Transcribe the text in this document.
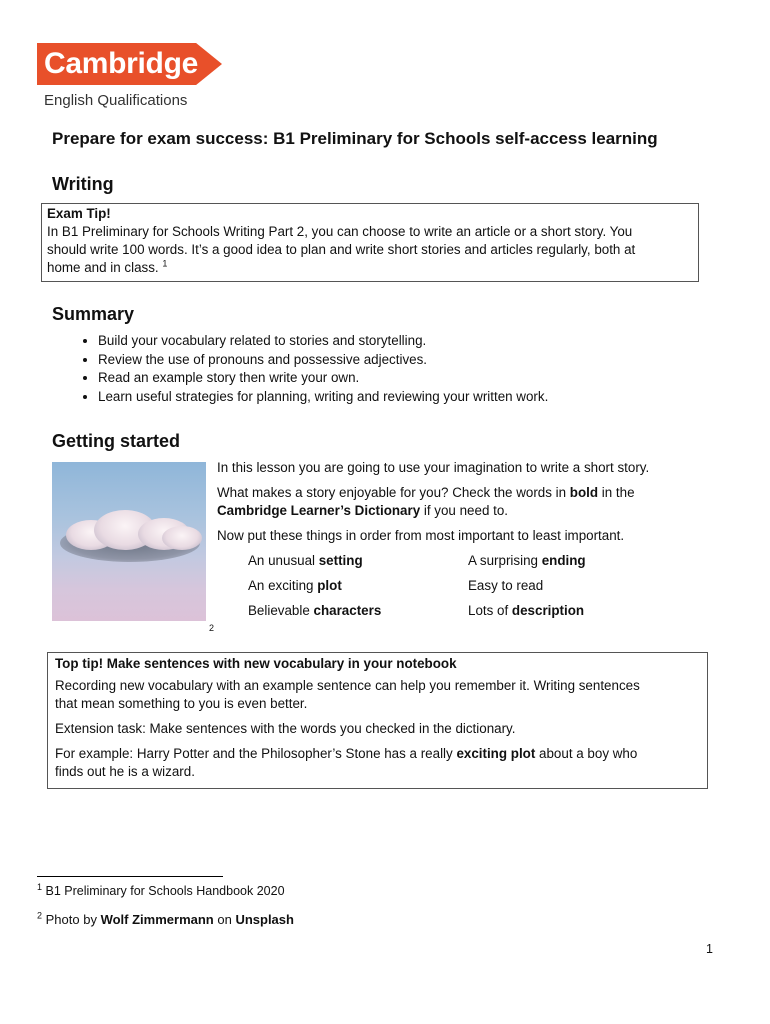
Cambridge
English Qualifications
Prepare for exam success: B1 Preliminary for Schools self-access learning
Writing
Exam Tip!
In B1 Preliminary for Schools Writing Part 2, you can choose to write an article or a short story. You
should write 100 words. It’s a good idea to plan and write short stories and articles regularly, both at
home and in class. $^1$
Summary
• Build your vocabulary related to stories and storytelling.
• Review the use of pronouns and possessive adjectives.
• Read an example story then write your own.
• Learn useful strategies for planning, writing and reviewing your written work.
Getting started
2
In this lesson you are going to use your imagination to write a short story.
What makes a story enjoyable for you? Check the words in bold in the
Cambridge Learner’s Dictionary if you need to.
Now put these things in order from most important to least important.
An unusual setting	A surprising ending
An exciting plot	Easy to read
Believable characters	Lots of description
Top tip! Make sentences with new vocabulary in your notebook
Recording new vocabulary with an example sentence can help you remember it. Writing sentences
that mean something to you is even better.
Extension task: Make sentences with the words you checked in the dictionary.
For example: Harry Potter and the Philosopher’s Stone has a really exciting plot about a boy who
finds out he is a wizard.
$^1$ B1 Preliminary for Schools Handbook 2020
$^2$ Photo by Wolf Zimmermann on Unsplash
1
